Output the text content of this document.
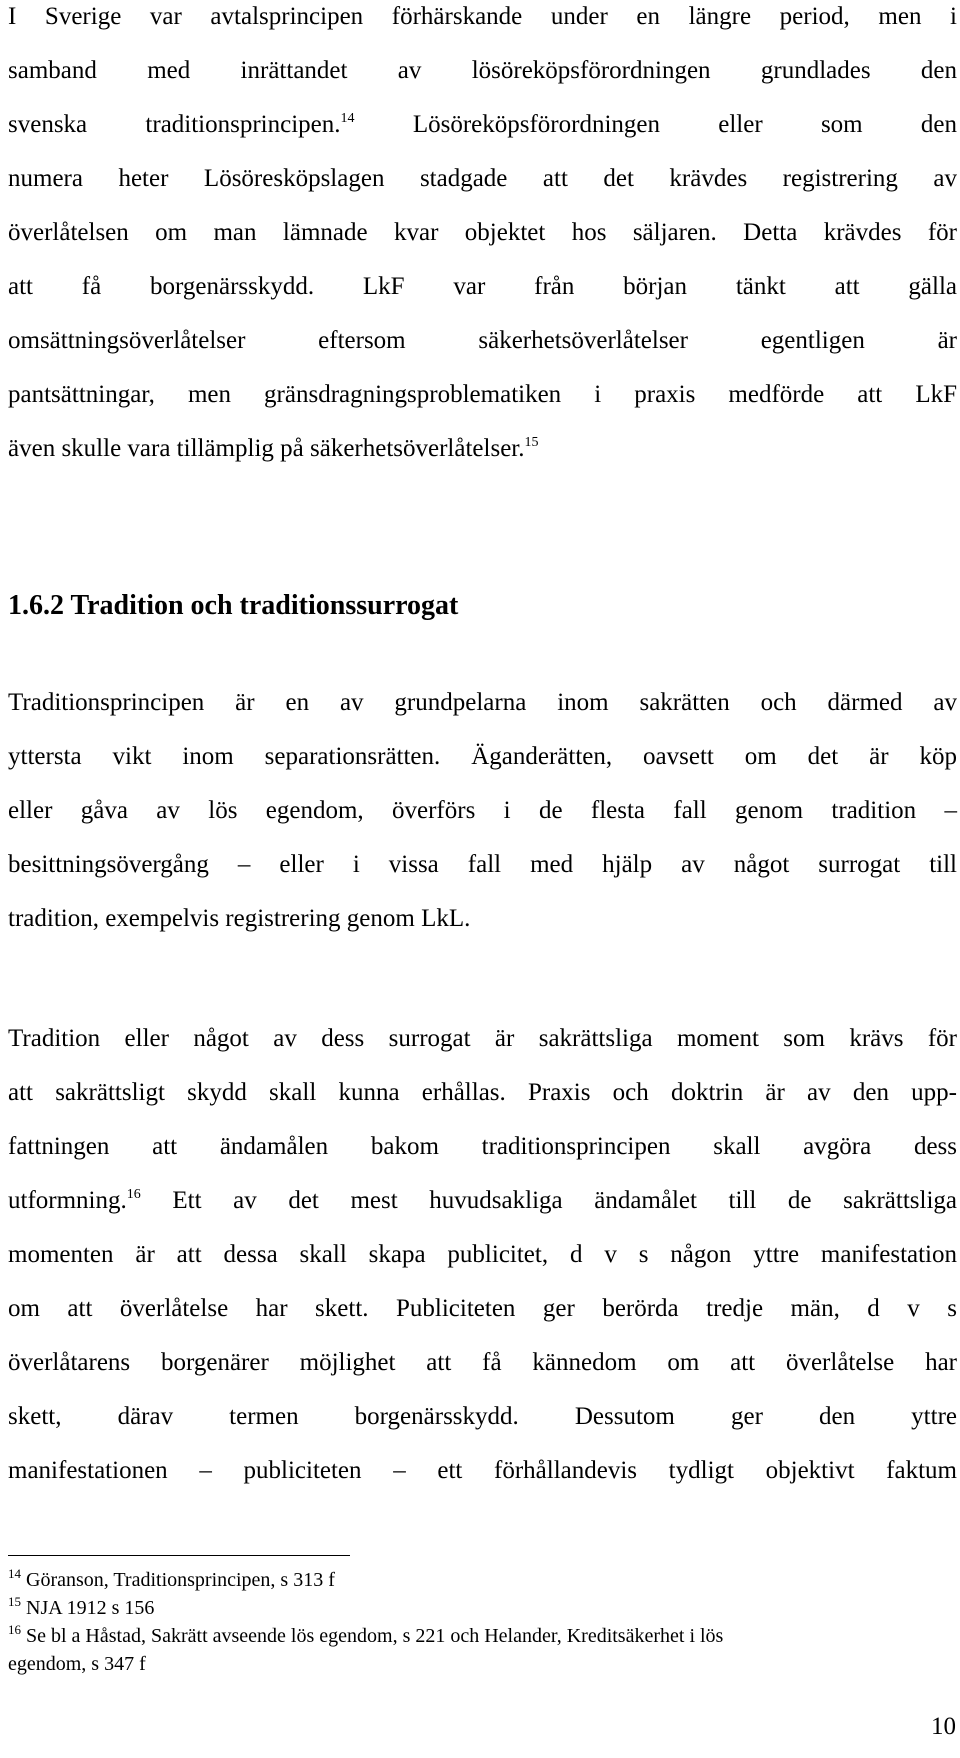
I Sverige var avtalsprincipen förhärskande under en längre period, men i
samband med inrättandet av lösöreköpsförordningen grundlades den
svenska traditionsprincipen.$^{14}$ Lösöreköpsförordningen eller som den
numera heter Lösöresköpslagen stadgade att det krävdes registrering av
överlåtelsen om man lämnade kvar objektet hos säljaren. Detta krävdes för
att få borgenärsskydd. LkF var från början tänkt att gälla
omsättningsöverlåtelser eftersom säkerhetsöverlåtelser egentligen är
pantsättningar, men gränsdragningsproblematiken i praxis medförde att LkF
även skulle vara tillämplig på säkerhetsöverlåtelser.$^{15}$
1.6.2 Tradition och traditionssurrogat
Traditionsprincipen är en av grundpelarna inom sakrätten och därmed av
yttersta vikt inom separationsrätten. Äganderätten, oavsett om det är köp
eller gåva av lös egendom, överförs i de flesta fall genom tradition –
besittningsövergång – eller i vissa fall med hjälp av något surrogat till
tradition, exempelvis registrering genom LkL.
Tradition eller något av dess surrogat är sakrättsliga moment som krävs för
att sakrättsligt skydd skall kunna erhållas. Praxis och doktrin är av den upp-
fattningen att ändamålen bakom traditionsprincipen skall avgöra dess
utformning.$^{16}$ Ett av det mest huvudsakliga ändamålet till de sakrättsliga
momenten är att dessa skall skapa publicitet, d v s någon yttre manifestation
om att överlåtelse har skett. Publiciteten ger berörda tredje män, d v s
överlåtarens borgenärer möjlighet att få kännedom om att överlåtelse har
skett, därav termen borgenärsskydd. Dessutom ger den yttre
manifestationen – publiciteten – ett förhållandevis tydligt objektivt faktum
$^{14}$ Göranson, Traditionsprincipen, s 313 f
$^{15}$ NJA 1912 s 156
$^{16}$ Se bl a Håstad, Sakrätt avseende lös egendom, s 221 och Helander, Kreditsäkerhet i lös
egendom, s 347 f

10
